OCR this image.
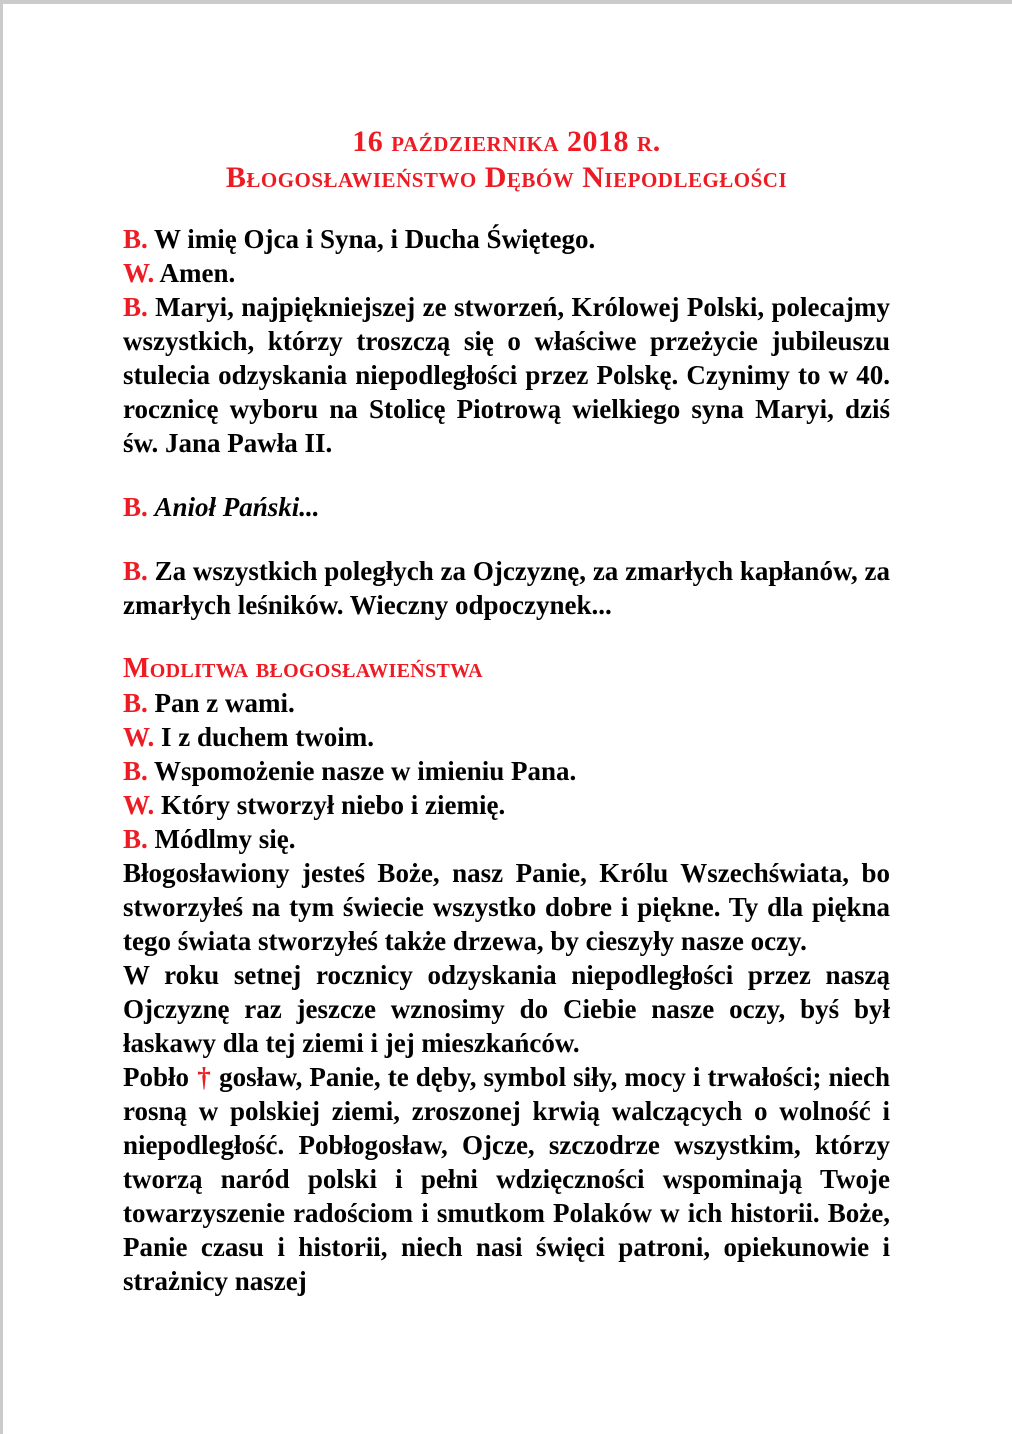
16 października 2018 r.
Błogosławieństwo Dębów Niepodległości

B. W imię Ojca i Syna, i Ducha Świętego.

W. Amen.

B. Maryi, najpiękniejszej ze stworzeń, Królowej Polski, polecajmy wszystkich, którzy troszczą się o właściwe przeżycie jubileuszu stulecia odzyskania niepodległości przez Polskę. Czynimy to w 40. rocznicę wyboru na Stolicę Piotrową wielkiego syna Maryi, dziś św. Jana Pawła II.

B. Anioł Pański...

B. Za wszystkich poległych za Ojczyznę, za zmarłych kapłanów, za zmarłych leśników. Wieczny odpoczynek...

Modlitwa błogosławieństwa

B. Pan z wami.

W. I z duchem twoim.

B. Wspomożenie nasze w imieniu Pana.

W. Który stworzył niebo i ziemię.

B. Módlmy się.

Błogosławiony jesteś Boże, nasz Panie, Królu Wszechświata, bo stworzyłeś na tym świecie wszystko dobre i piękne. Ty dla piękna tego świata stworzyłeś także drzewa, by cieszyły nasze oczy.

W roku setnej rocznicy odzyskania niepodległości przez naszą Ojczyznę raz jeszcze wznosimy do Ciebie nasze oczy, byś był łaskawy dla tej ziemi i jej mieszkańców.

Pobło † gosław, Panie, te dęby, symbol siły, mocy i trwałości; niech rosną w polskiej ziemi, zroszonej krwią walczących o wolność i niepodległość. Pobłogosław, Ojcze, szczodrze wszystkim, którzy tworzą naród polski i pełni wdzięczności wspominają Twoje towarzyszenie radościom i smutkom Polaków w ich historii. Boże, Panie czasu i historii, niech nasi święci patroni, opiekunowie i strażnicy naszej
